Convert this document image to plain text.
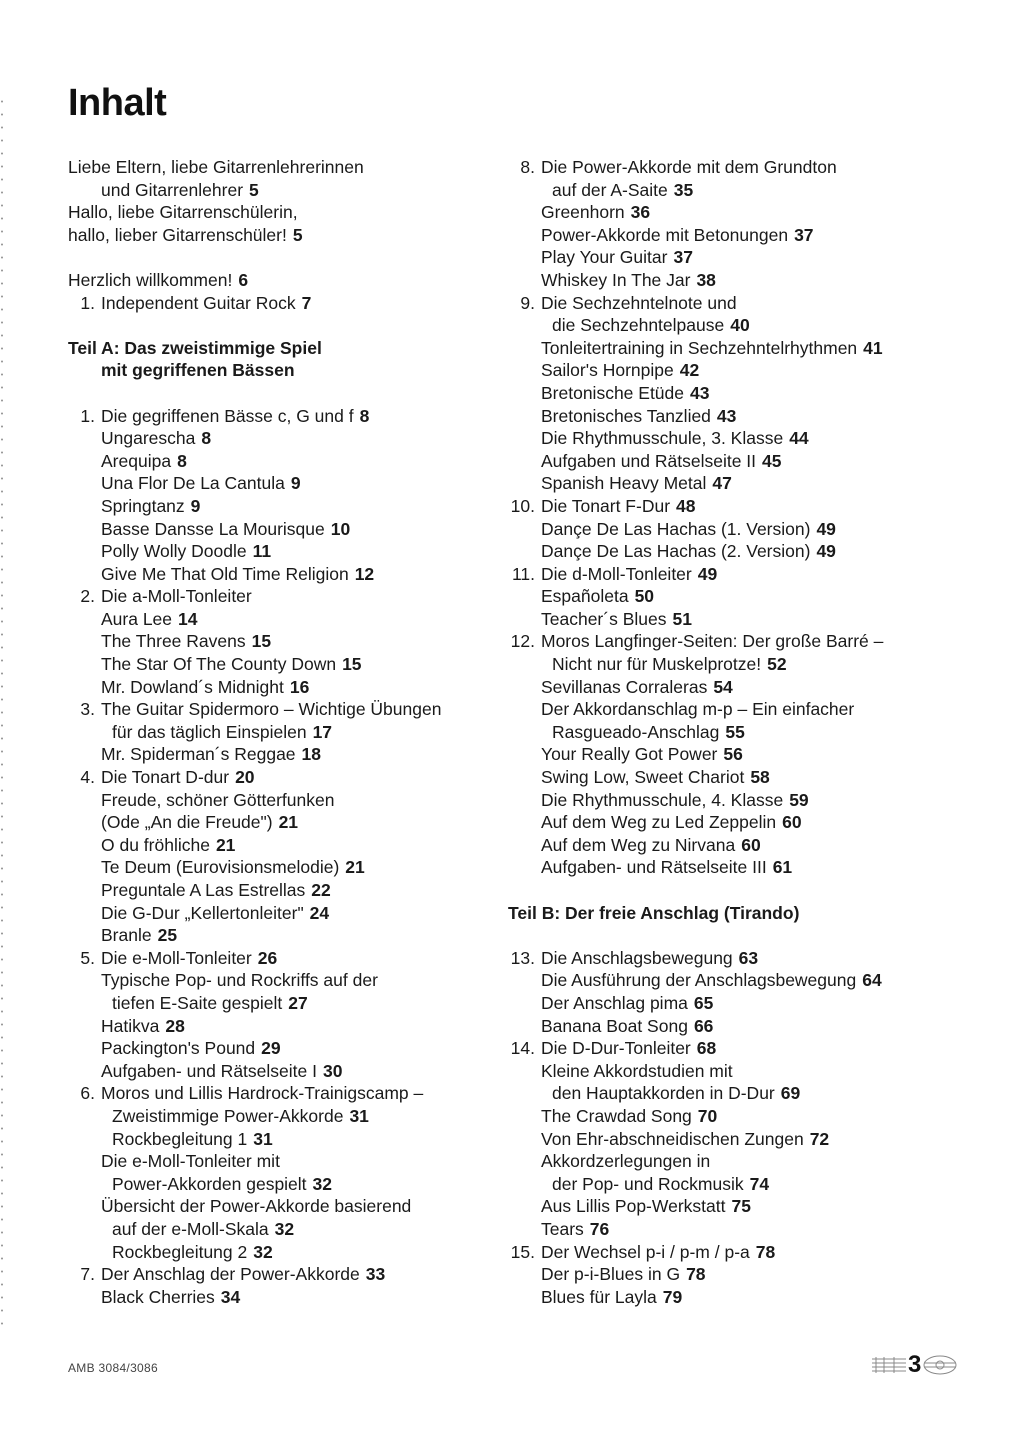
Inhalt
Liebe Eltern, liebe Gitarrenlehrerinnen
und Gitarrenlehrer 5
Hallo, liebe Gitarrenschülerin,
hallo, lieber Gitarrenschüler! 5
Herzlich willkommen! 6
1. Independent Guitar Rock 7
Teil A: Das zweistimmige Spiel
mit gegriffenen Bässen
1. Die gegriffenen Bässe c, G und f 8
Ungarescha 8
Arequipa 8
Una Flor De La Cantula 9
Springtanz 9
Basse Dansse La Mourisque 10
Polly Wolly Doodle 11
Give Me That Old Time Religion 12
2. Die a-Moll-Tonleiter
Aura Lee 14
The Three Ravens 15
The Star Of The County Down 15
Mr. Dowland´s Midnight 16
3. The Guitar Spidermoro – Wichtige Übungen
für das täglich Einspielen 17
Mr. Spiderman´s Reggae 18
4. Die Tonart D-dur 20
Freude, schöner Götterfunken
(Ode „An die Freude") 21
O du fröhliche 21
Te Deum (Eurovisionsmelodie) 21
Preguntale A Las Estrellas 22
Die G-Dur „Kellertonleiter" 24
Branle 25
5. Die e-Moll-Tonleiter 26
Typische Pop- und Rockriffs auf der
tiefen E-Saite gespielt 27
Hatikva 28
Packington's Pound 29
Aufgaben- und Rätselseite I 30
6. Moros und Lillis Hardrock-Trainigscamp –
Zweistimmige Power-Akkorde 31
Rockbegleitung 1 31
Die e-Moll-Tonleiter mit
Power-Akkorden gespielt 32
Übersicht der Power-Akkorde basierend
auf der e-Moll-Skala 32
Rockbegleitung 2 32
7. Der Anschlag der Power-Akkorde 33
Black Cherries 34
8. Die Power-Akkorde mit dem Grundton
auf der A-Saite 35
Greenhorn 36
Power-Akkorde mit Betonungen 37
Play Your Guitar 37
Whiskey In The Jar 38
9. Die Sechzehntelnote und
die Sechzehntelpause 40
Tonleitertraining in Sechzehntelrhythmen 41
Sailor's Hornpipe 42
Bretonische Etüde 43
Bretonisches Tanzlied 43
Die Rhythmusschule, 3. Klasse 44
Aufgaben und Rätselseite II 45
Spanish Heavy Metal 47
10. Die Tonart F-Dur 48
Dançe De Las Hachas (1. Version) 49
Dançe De Las Hachas (2. Version) 49
11. Die d-Moll-Tonleiter 49
Españoleta 50
Teacher´s Blues 51
12. Moros Langfinger-Seiten: Der große Barré –
Nicht nur für Muskelprotze! 52
Sevillanas Corraleras 54
Der Akkordanschlag m-p – Ein einfacher
Rasgueado-Anschlag 55
Your Really Got Power 56
Swing Low, Sweet Chariot 58
Die Rhythmusschule, 4. Klasse 59
Auf dem Weg zu Led Zeppelin 60
Auf dem Weg zu Nirvana 60
Aufgaben- und Rätselseite III 61
Teil B: Der freie Anschlag (Tirando)
13. Die Anschlagsbewegung 63
Die Ausführung der Anschlagsbewegung 64
Der Anschlag pima 65
Banana Boat Song 66
14. Die D-Dur-Tonleiter 68
Kleine Akkordstudien mit
den Hauptakkorden in D-Dur 69
The Crawdad Song 70
Von Ehr-abschneidischen Zungen 72
Akkordzerlegungen in
der Pop- und Rockmusik 74
Aus Lillis Pop-Werkstatt 75
Tears 76
15. Der Wechsel p-i / p-m / p-a 78
Der p-i-Blues in G 78
Blues für Layla 79
AMB 3084/3086	3
